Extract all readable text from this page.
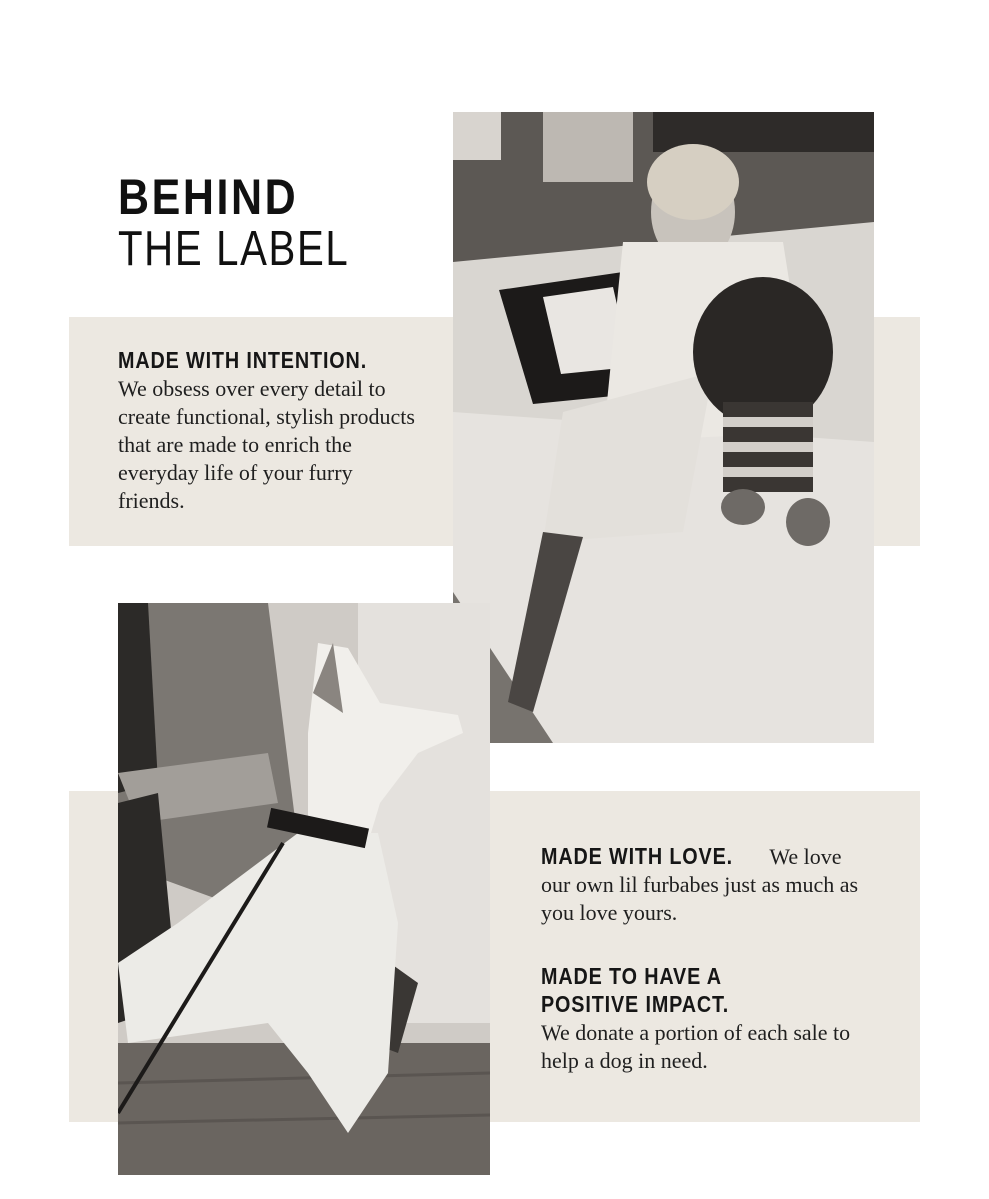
BEHIND
THE LABEL
MADE WITH INTENTION.
We obsess over every detail to create functional, stylish products that are made to enrich the everyday life of your furry friends.
MADE WITH LOVE. We love our own lil furbabes just as much as you love yours.
MADE TO HAVE A POSITIVE IMPACT. We donate a portion of each sale to help a dog in need.
